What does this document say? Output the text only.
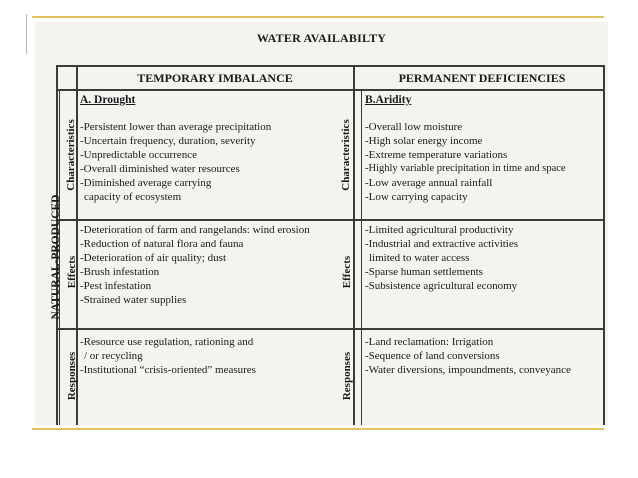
WATER AVAILABILTY
TEMPORARY IMBALANCE	PERMANENT DEFICIENCIES
NATURAL-PRODUCED
Characteristics
Effects
Responses
Characteristics
Effects
Responses
A. Drought
-Persistent lower than average precipitation
-Uncertain frequency, duration, severity
-Unpredictable occurrence
-Overall diminished water resources
-Diminished average carrying
capacity of ecosystem
-Deterioration of farm and rangelands: wind erosion
-Reduction of natural flora and fauna
-Deterioration of air quality; dust
-Brush infestation
-Pest infestation
-Strained water supplies
-Resource use regulation, rationing and
/ or recycling
-Institutional “crisis-oriented” measures
B.Aridity
-Overall low moisture
-High solar energy income
-Extreme temperature variations
-Highly variable precipitation in time and space
-Low average annual rainfall
-Low carrying capacity
-Limited agricultural productivity
-Industrial and extractive activities
limited to water access
-Sparse human settlements
-Subsistence agricultural economy
-Land reclamation: Irrigation
-Sequence of land conversions
-Water diversions, impoundments, conveyance
